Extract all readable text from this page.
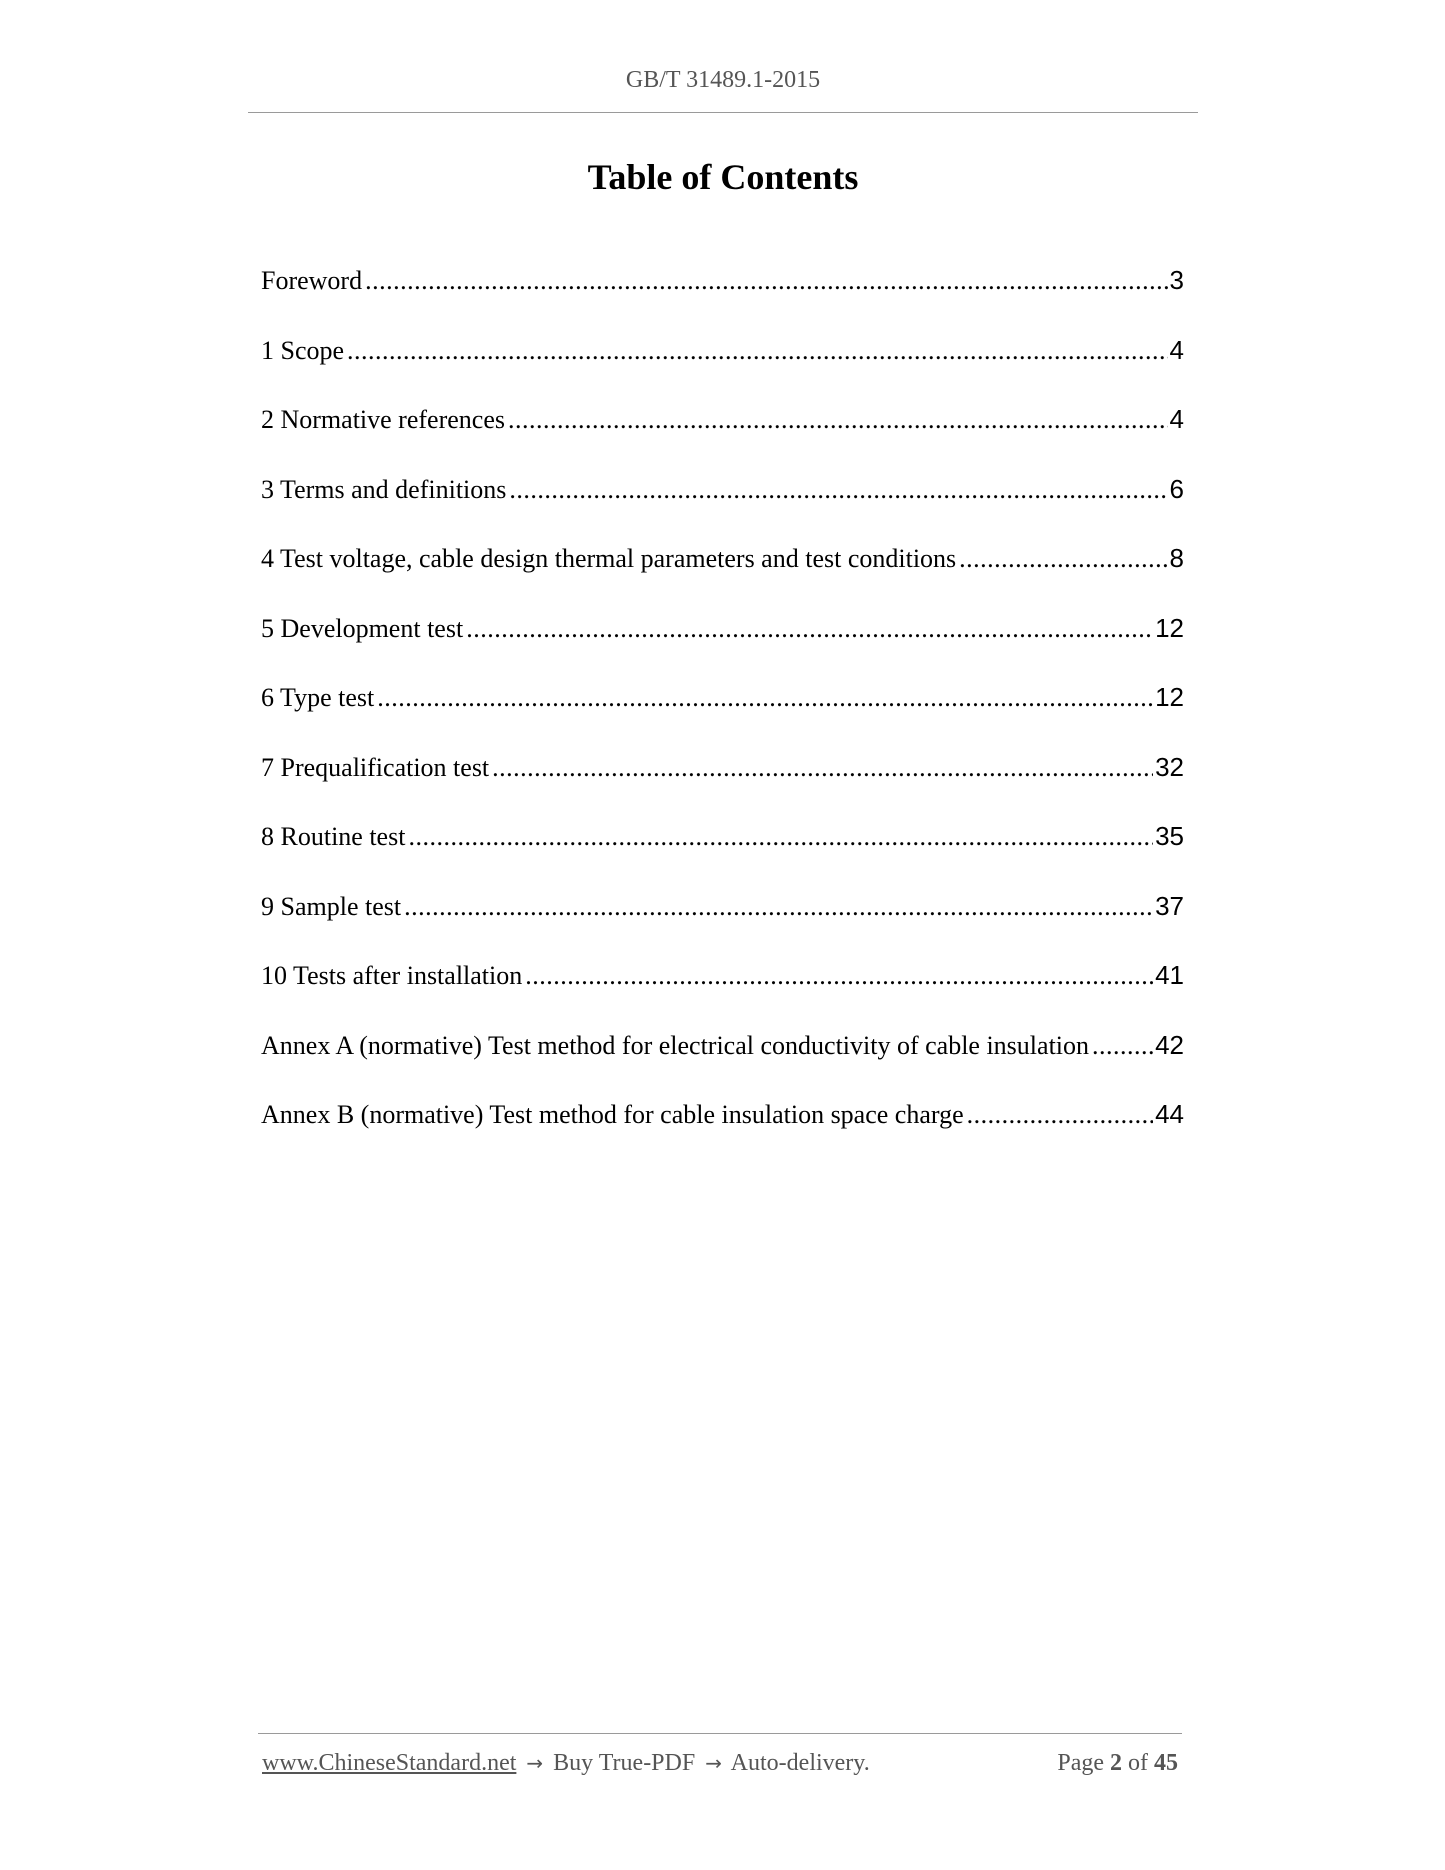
GB/T 31489.1-2015
Table of Contents
Foreword .....	3
1 Scope .....	4
2 Normative references .....	4
3 Terms and definitions .....	6
4 Test voltage, cable design thermal parameters and test conditions .....	8
5 Development test .....	12
6 Type test .....	12
7 Prequalification test .....	32
8 Routine test .....	35
9 Sample test .....	37
10 Tests after installation .....	41
Annex A (normative) Test method for electrical conductivity of cable insulation .....	42
Annex B (normative) Test method for cable insulation space charge .....	44
www.ChineseStandard.net → Buy True-PDF → Auto-delivery.	Page 2 of 45
